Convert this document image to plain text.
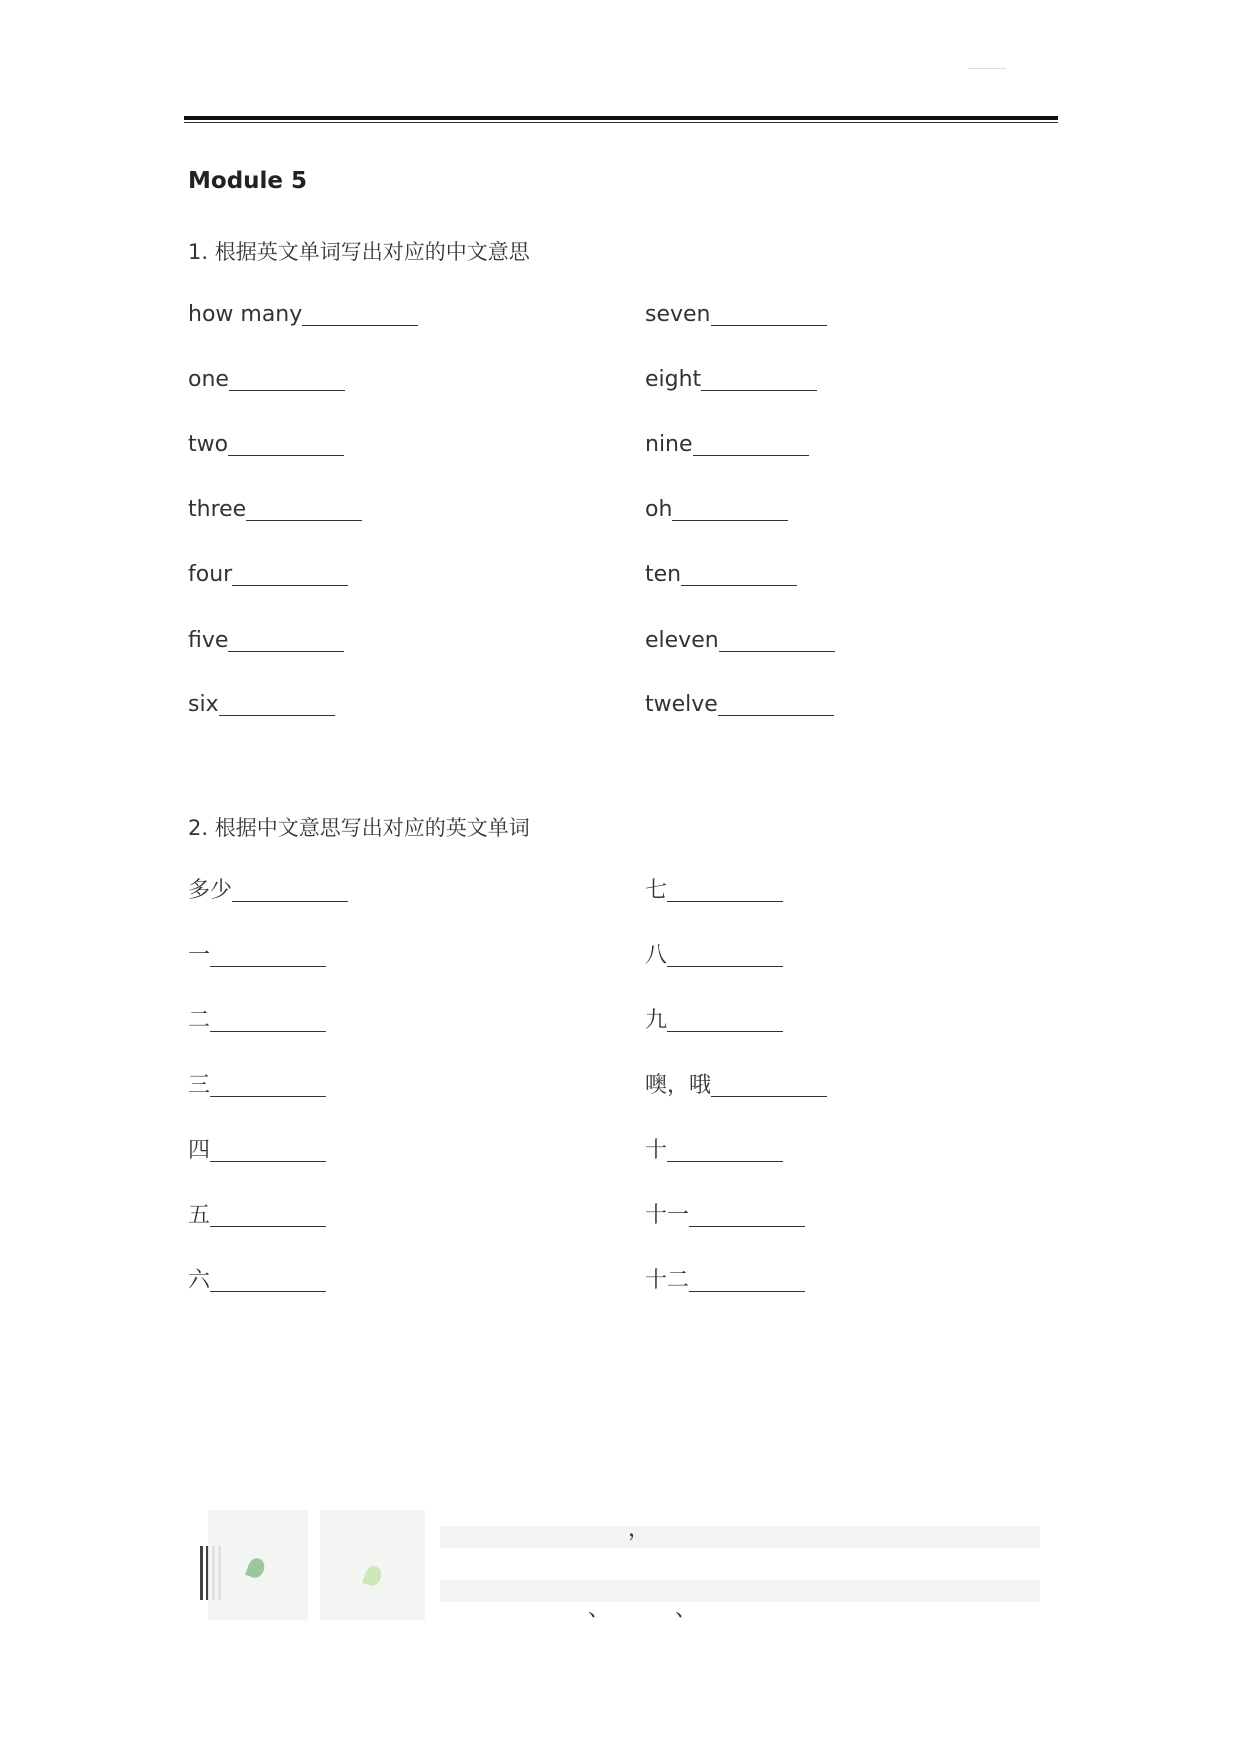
Module 5
1. 根据英文单词写出对应的中文意思
how many
one
two
three
four
five
six
seven
eight
nine
oh
ten
eleven
twelve
2. 根据中文意思写出对应的英文单词
多少
一
二
三
四
五
六
七
八
九
噢，哦
十
十一
十二
，
、	、
